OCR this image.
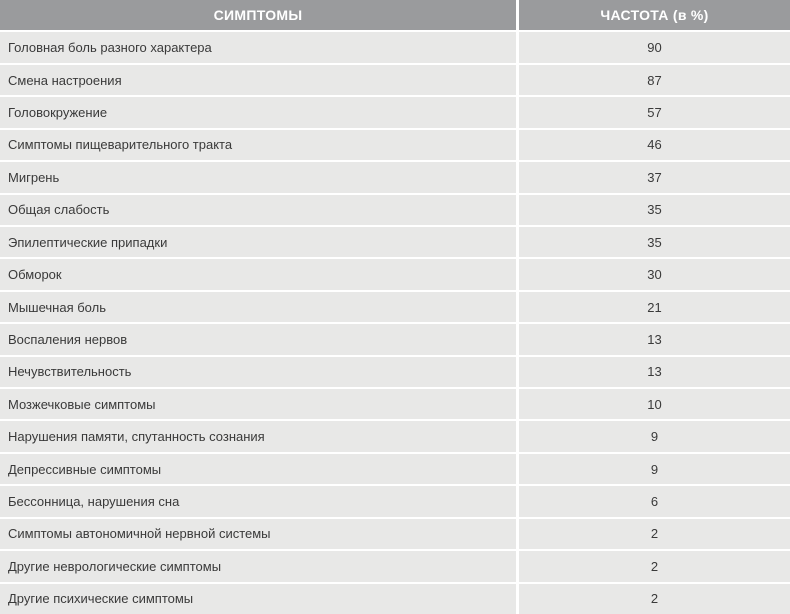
СИМПТОМЫ	ЧАСТОТА (в %)
Головная боль разного характера	90
Смена настроения	87
Головокружение	57
Симптомы пищеварительного тракта	46
Мигрень	37
Общая слабость	35
Эпилептические припадки	35
Обморок	30
Мышечная боль	21
Воспаления нервов	13
Нечувствительность	13
Мозжечковые симптомы	10
Нарушения памяти, спутанность сознания	9
Депрессивные симптомы	9
Бессонница, нарушения сна	6
Симптомы автономичной нервной системы	2
Другие неврологические симптомы	2
Другие психические симптомы	2
